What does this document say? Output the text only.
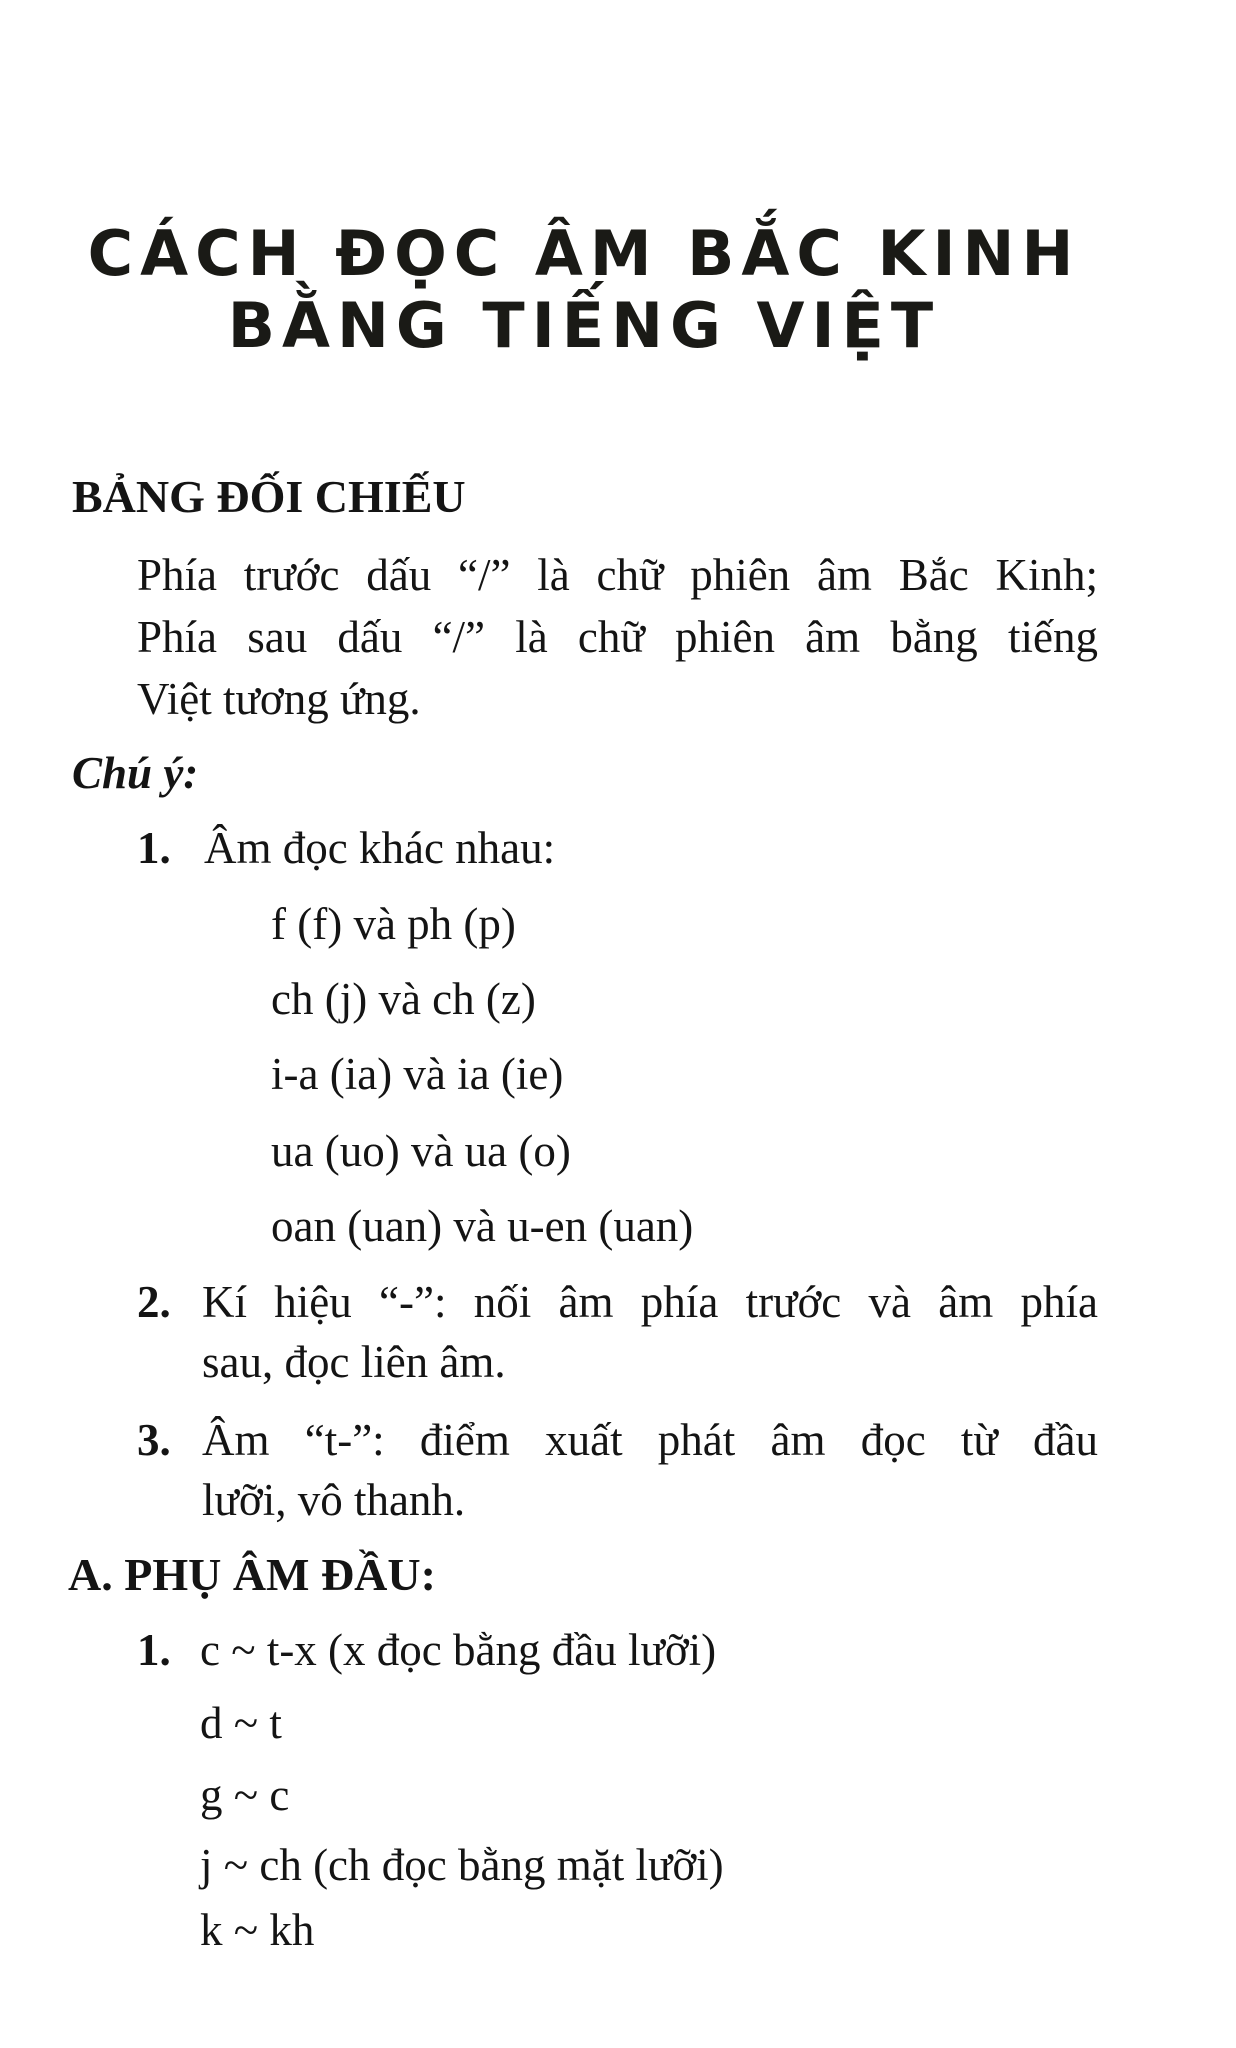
CÁCH ĐỌC ÂM BẮC KINH
BẰNG TIẾNG VIỆT
BẢNG ĐỐI CHIẾU
Phía trước dấu “/” là chữ phiên âm Bắc Kinh;
Phía sau dấu “/” là chữ phiên âm bằng tiếng
Việt tương ứng.
Chú ý:
1. Âm đọc khác nhau:
f (f) và ph (p)
ch (j) và ch (z)
i-a (ia) và ia (ie)
ua (uo) và ua (o)
oan (uan) và u-en (uan)
2. Kí hiệu “-”: nối âm phía trước và âm phía
sau, đọc liên âm.
3. Âm “t-”: điểm xuất phát âm đọc từ đầu
lưỡi, vô thanh.
A. PHỤ ÂM ĐẦU:
1. c ~ t-x (x đọc bằng đầu lưỡi)
d ~ t
g ~ c
j ~ ch (ch đọc bằng mặt lưỡi)
k ~ kh
